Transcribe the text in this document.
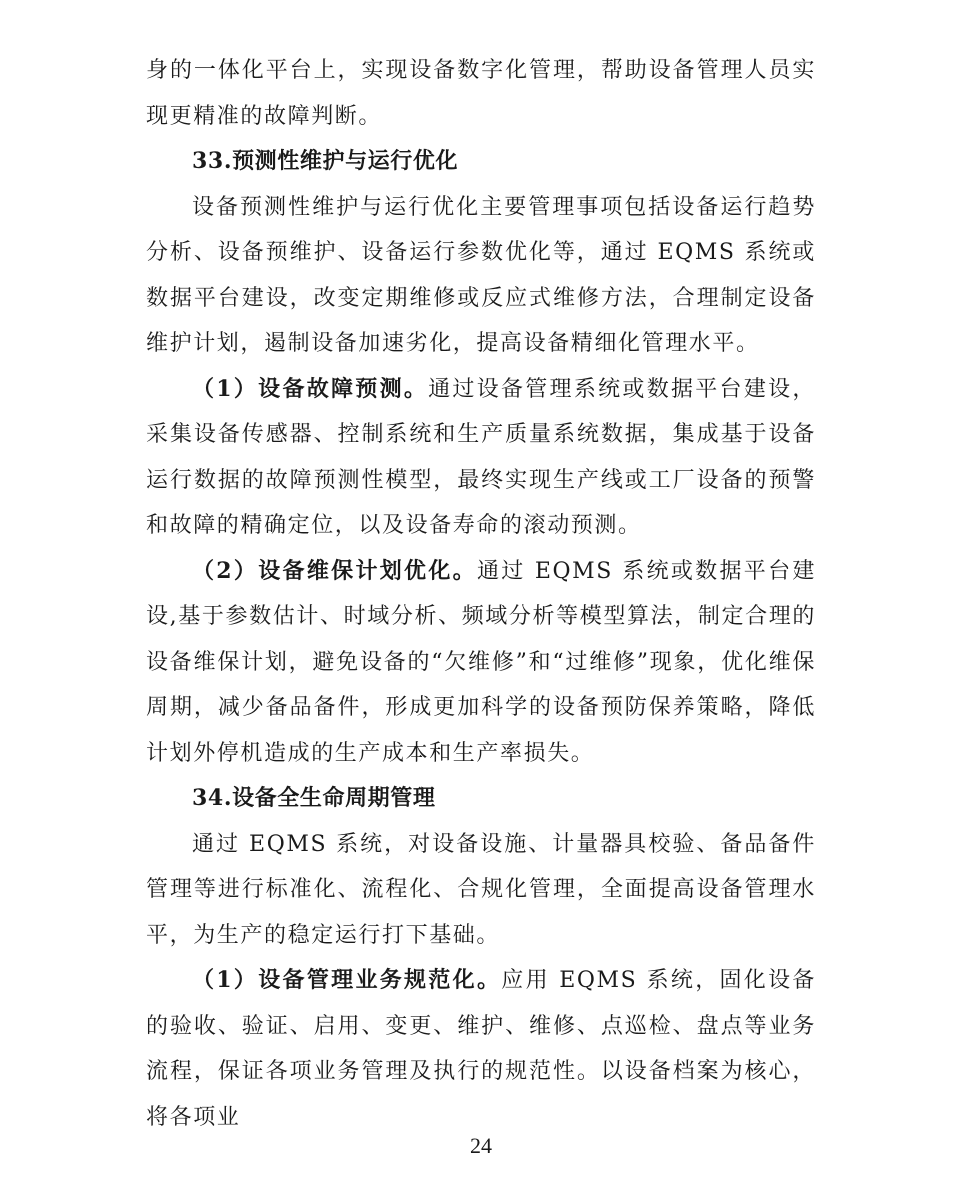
身的一体化平台上，实现设备数字化管理，帮助设备管理人员实现更精准的故障判断。

33.预测性维护与运行优化

设备预测性维护与运行优化主要管理事项包括设备运行趋势分析、设备预维护、设备运行参数优化等，通过 EQMS 系统或数据平台建设，改变定期维修或反应式维修方法，合理制定设备维护计划，遏制设备加速劣化，提高设备精细化管理水平。

（1）设备故障预测。通过设备管理系统或数据平台建设，采集设备传感器、控制系统和生产质量系统数据，集成基于设备运行数据的故障预测性模型，最终实现生产线或工厂设备的预警和故障的精确定位，以及设备寿命的滚动预测。

（2）设备维保计划优化。通过 EQMS 系统或数据平台建设,基于参数估计、时域分析、频域分析等模型算法，制定合理的设备维保计划，避免设备的“欠维修”和“过维修”现象，优化维保周期，减少备品备件，形成更加科学的设备预防保养策略，降低计划外停机造成的生产成本和生产率损失。

34.设备全生命周期管理

通过 EQMS 系统，对设备设施、计量器具校验、备品备件管理等进行标准化、流程化、合规化管理，全面提高设备管理水平，为生产的稳定运行打下基础。

（1）设备管理业务规范化。应用 EQMS 系统，固化设备的验收、验证、启用、变更、维护、维修、点巡检、盘点等业务流程，保证各项业务管理及执行的规范性。以设备档案为核心，将各项业

24
